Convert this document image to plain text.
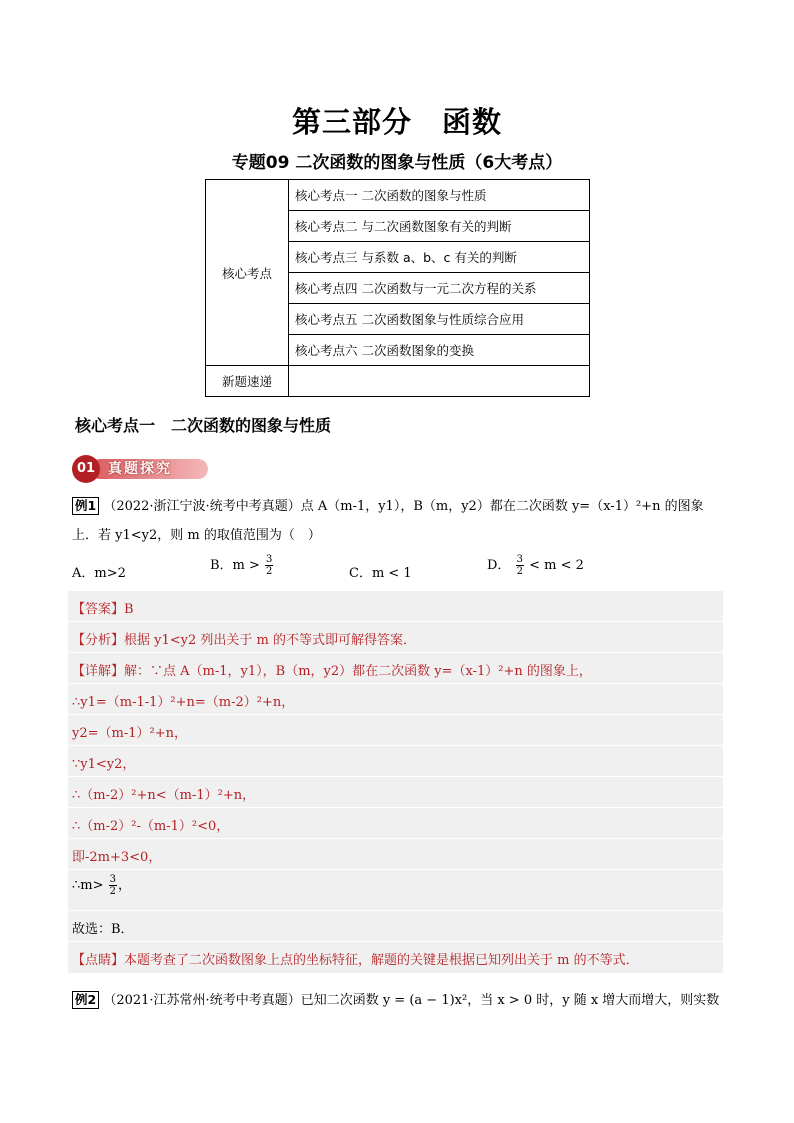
第三部分　函数
专题09 二次函数的图象与性质（6大考点）
核心考点	核心考点一 二次函数的图象与性质
	核心考点二 与二次函数图象有关的判断
	核心考点三 与系数 a、b、c 有关的判断
	核心考点四 二次函数与一元二次方程的关系
	核心考点五 二次函数图象与性质综合应用
	核心考点六 二次函数图象的变换
新题速递	
核心考点一　二次函数的图象与性质
真题探究
01
例1 （2022·浙江宁波·统考中考真题）点 A（m-1，y1），B（m，y2）都在二次函数 y=（x-1）²+n 的图象
上．若 y1<y2，则 m 的取值范围为（　）
A．m>2
B．$m > \frac{3}{2}$	C．m < 1
D． $\frac{3}{2} < m < 2$
【答案】B
【分析】根据 y1<y2 列出关于 m 的不等式即可解得答案．
【详解】解：∵点 A（m-1，y1），B（m，y2）都在二次函数 y=（x-1）²+n 的图象上，
∴y1=（m-1-1）²+n=（m-2）²+n，
y2=（m-1）²+n，
∵y1<y2，
∴（m-2）²+n<（m-1）²+n，
∴（m-2）²-（m-1）²<0，
即-2m+3<0，
∴m> $\frac{3}{2}$ ，
故选：B．
【点睛】本题考查了二次函数图象上点的坐标特征，解题的关键是根据已知列出关于 m 的不等式．
例2 （2021·江苏常州·统考中考真题）已知二次函数 y = (a − 1)x²，当 x > 0 时，y 随 x 增大而增大，则实数
